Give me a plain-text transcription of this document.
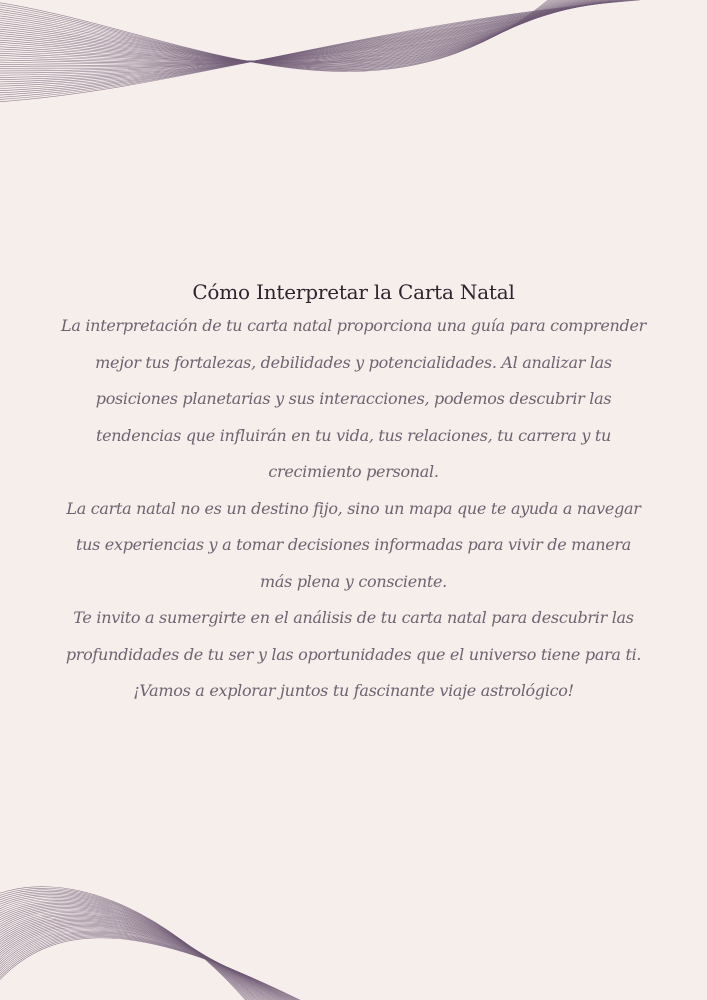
Cómo Interpretar la Carta Natal

La interpretación de tu carta natal proporciona una guía para comprender mejor tus fortalezas, debilidades y potencialidades. Al analizar las posiciones planetarias y sus interacciones, podemos descubrir las tendencias que influirán en tu vida, tus relaciones, tu carrera y tu crecimiento personal.

La carta natal no es un destino fijo, sino un mapa que te ayuda a navegar tus experiencias y a tomar decisiones informadas para vivir de manera más plena y consciente.

Te invito a sumergirte en el análisis de tu carta natal para descubrir las profundidades de tu ser y las oportunidades que el universo tiene para ti. ¡Vamos a explorar juntos tu fascinante viaje astrológico!
